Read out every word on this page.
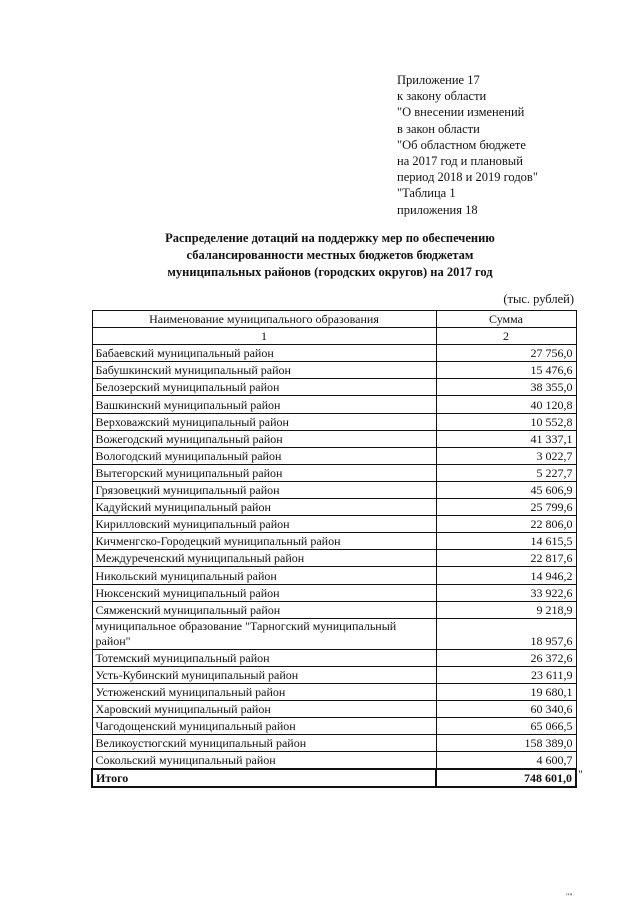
Приложение 17
к закону области
"О внесении изменений
в закон области
"Об областном бюджете
на 2017 год и плановый
период 2018 и 2019 годов"
"Таблица 1
приложения 18
Распределение дотаций на поддержку мер по обеспечению
сбалансированности местных бюджетов бюджетам
муниципальных районов (городских округов) на 2017 год
(тыс. рублей)
Наименование муниципального образования	Сумма
1	2
Бабаевский муниципальный район	27 756,0
Бабушкинский муниципальный район	15 476,6
Белозерский муниципальный район	38 355,0
Вашкинский муниципальный район	40 120,8
Верховажский муниципальный район	10 552,8
Вожегодский муниципальный район	41 337,1
Вологодский муниципальный район	3 022,7
Вытегорский муниципальный район	5 227,7
Грязовецкий муниципальный район	45 606,9
Кадуйский муниципальный район	25 799,6
Кирилловский муниципальный район	22 806,0
Кичменгско-Городецкий муниципальный район	14 615,5
Междуреченский муниципальный район	22 817,6
Никольский муниципальный район	14 946,2
Нюксенский муниципальный район	33 922,6
Сямженский муниципальный район	9 218,9
муниципальное образование "Тарногский муниципальный район"	18 957,6
Тотемский муниципальный район	26 372,6
Усть-Кубинский муниципальный район	23 611,9
Устюженский муниципальный район	19 680,1
Харовский муниципальный район	60 340,6
Чагодощенский муниципальный район	65 066,5
Великоустюгский муниципальный район	158 389,0
Сокольский муниципальный район	4 600,7
Итого	748 601,0 "
""
